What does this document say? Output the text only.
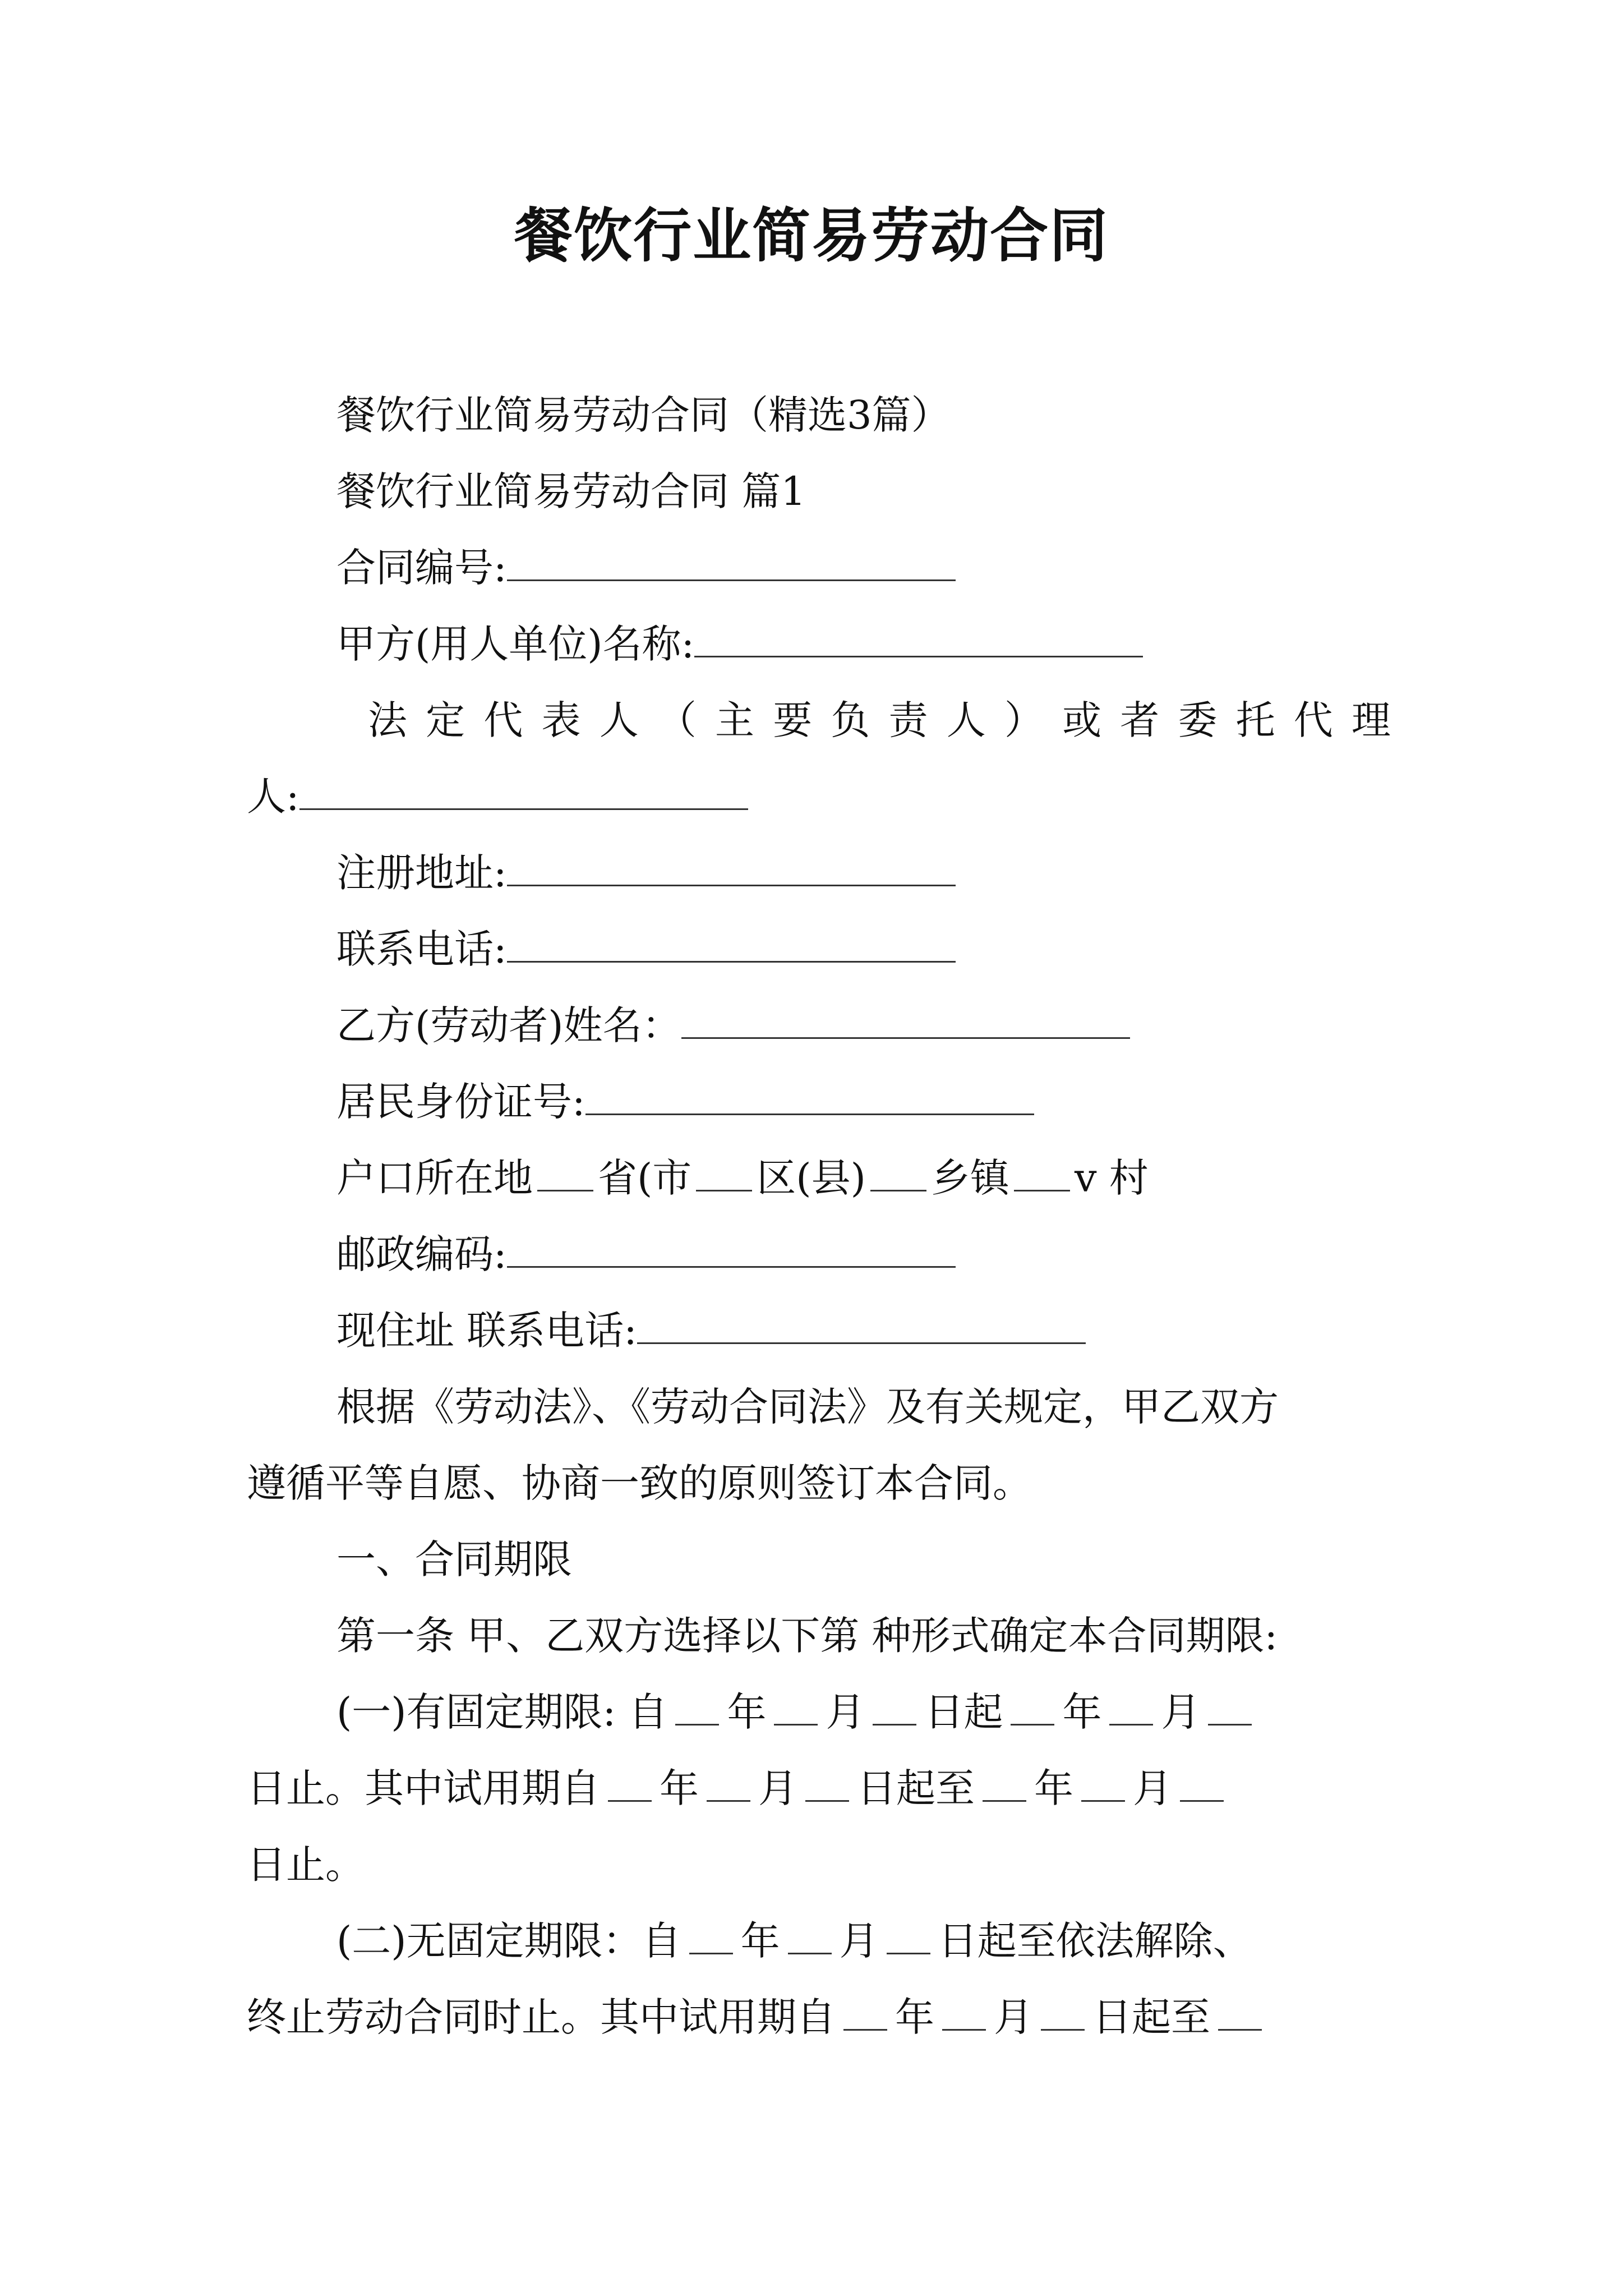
餐饮行业简易劳动合同
餐饮行业简易劳动合同（精选3篇）
餐饮行业简易劳动合同 篇1
合同编号:
甲方(用人单位)名称:
法 定 代 表 人 （ 主 要 负 责 人 ） 或 者 委 托 代 理
人:
注册地址:
联系电话:
乙方(劳动者)姓名：
居民身份证号:
户口所在地 省(市 区(县) 乡镇 v 村
邮政编码:
现住址 联系电话:
根据《劳动法》、《劳动合同法》及有关规定，甲乙双方
遵循平等自愿、协商一致的原则签订本合同。
一、合同期限
第一条 甲、乙双方选择以下第 种形式确定本合同期限:
(一)有固定期限: 自 年 月 日起 年 月
日止。其中试用期自 年 月 日起至 年 月
日止。
(二)无固定期限：自 年 月 日起至依法解除、
终止劳动合同时止。其中试用期自 年 月 日起至
